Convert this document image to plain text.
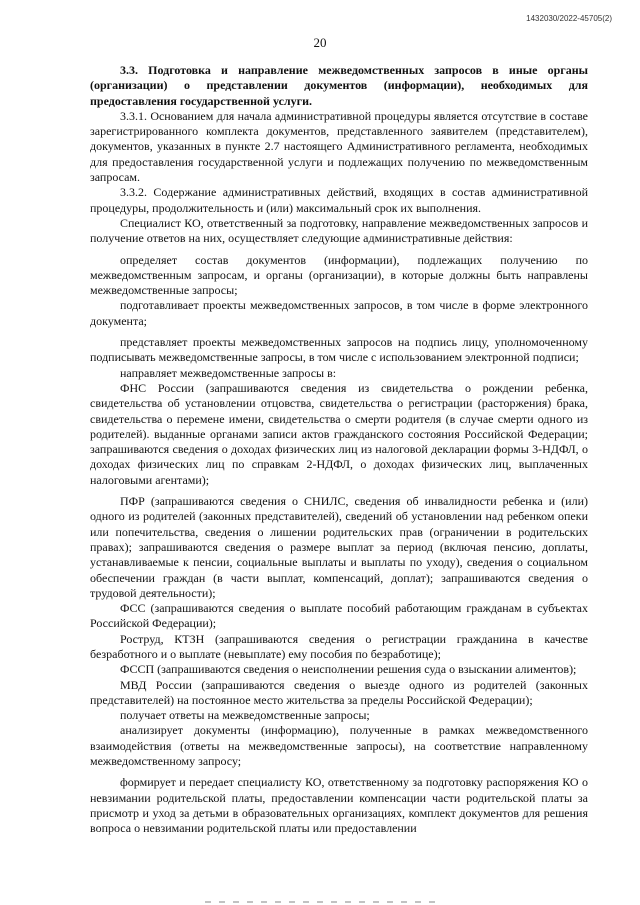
1432030/2022-45705(2)
20

3.3. Подготовка и направление межведомственных запросов в иные органы (организации) о представлении документов (информации), необходимых для предоставления государственной услуги.

3.3.1. Основанием для начала административной процедуры является отсутствие в составе зарегистрированного комплекта документов, представленного заявителем (представителем), документов, указанных в пункте 2.7 настоящего Административного регламента, необходимых для предоставления государственной услуги и подлежащих получению по межведомственным запросам.

3.3.2. Содержание административных действий, входящих в состав административной процедуры, продолжительность и (или) максимальный срок их выполнения.

Специалист КО, ответственный за подготовку, направление межведомственных запросов и получение ответов на них, осуществляет следующие административные действия:

определяет состав документов (информации), подлежащих получению по межведомственным запросам, и органы (организации), в которые должны быть направлены межведомственные запросы;

подготавливает проекты межведомственных запросов, в том числе в форме электронного документа;

представляет проекты межведомственных запросов на подпись лицу, уполномоченному подписывать межведомственные запросы, в том числе с использованием электронной подписи;

направляет межведомственные запросы в:

ФНС России (запрашиваются сведения из свидетельства о рождении ребенка, свидетельства об установлении отцовства, свидетельства о регистрации (расторжения) брака, свидетельства о перемене имени, свидетельства о смерти родителя (в случае смерти одного из родителей). выданные органами записи актов гражданского состояния Российской Федерации; запрашиваются сведения о доходах физических лиц из налоговой декларации формы 3-НДФЛ, о доходах физических лиц по справкам 2-НДФЛ, о доходах физических лиц, выплаченных налоговыми агентами);

ПФР (запрашиваются сведения о СНИЛС, сведения об инвалидности ребенка и (или) одного из родителей (законных представителей), сведений об установлении над ребенком опеки или попечительства, сведения о лишении родительских прав (ограничении в родительских правах); запрашиваются сведения о размере выплат за период (включая пенсию, доплаты, устанавливаемые к пенсии, социальные выплаты и выплаты по уходу), сведения о социальном обеспечении граждан (в части выплат, компенсаций, доплат); запрашиваются сведения о трудовой деятельности);

ФСС (запрашиваются сведения о выплате пособий работающим гражданам в субъектах Российской Федерации);

Роструд, КТЗН (запрашиваются сведения о регистрации гражданина в качестве безработного и о выплате (невыплате) ему пособия по безработице);

ФССП (запрашиваются сведения о неисполнении решения суда о взыскании алиментов);

МВД России (запрашиваются сведения о выезде одного из родителей (законных представителей) на постоянное место жительства за пределы Российской Федерации);

получает ответы на межведомственные запросы;

анализирует документы (информацию), полученные в рамках межведомственного взаимодействия (ответы на межведомственные запросы), на соответствие направленному межведомственному запросу;

формирует и передает специалисту КО, ответственному за подготовку распоряжения КО о невзимании родительской платы, предоставлении компенсации части родительской платы за присмотр и уход за детьми в образовательных организациях, комплект документов для решения вопроса о невзимании родительской платы или предоставлении
